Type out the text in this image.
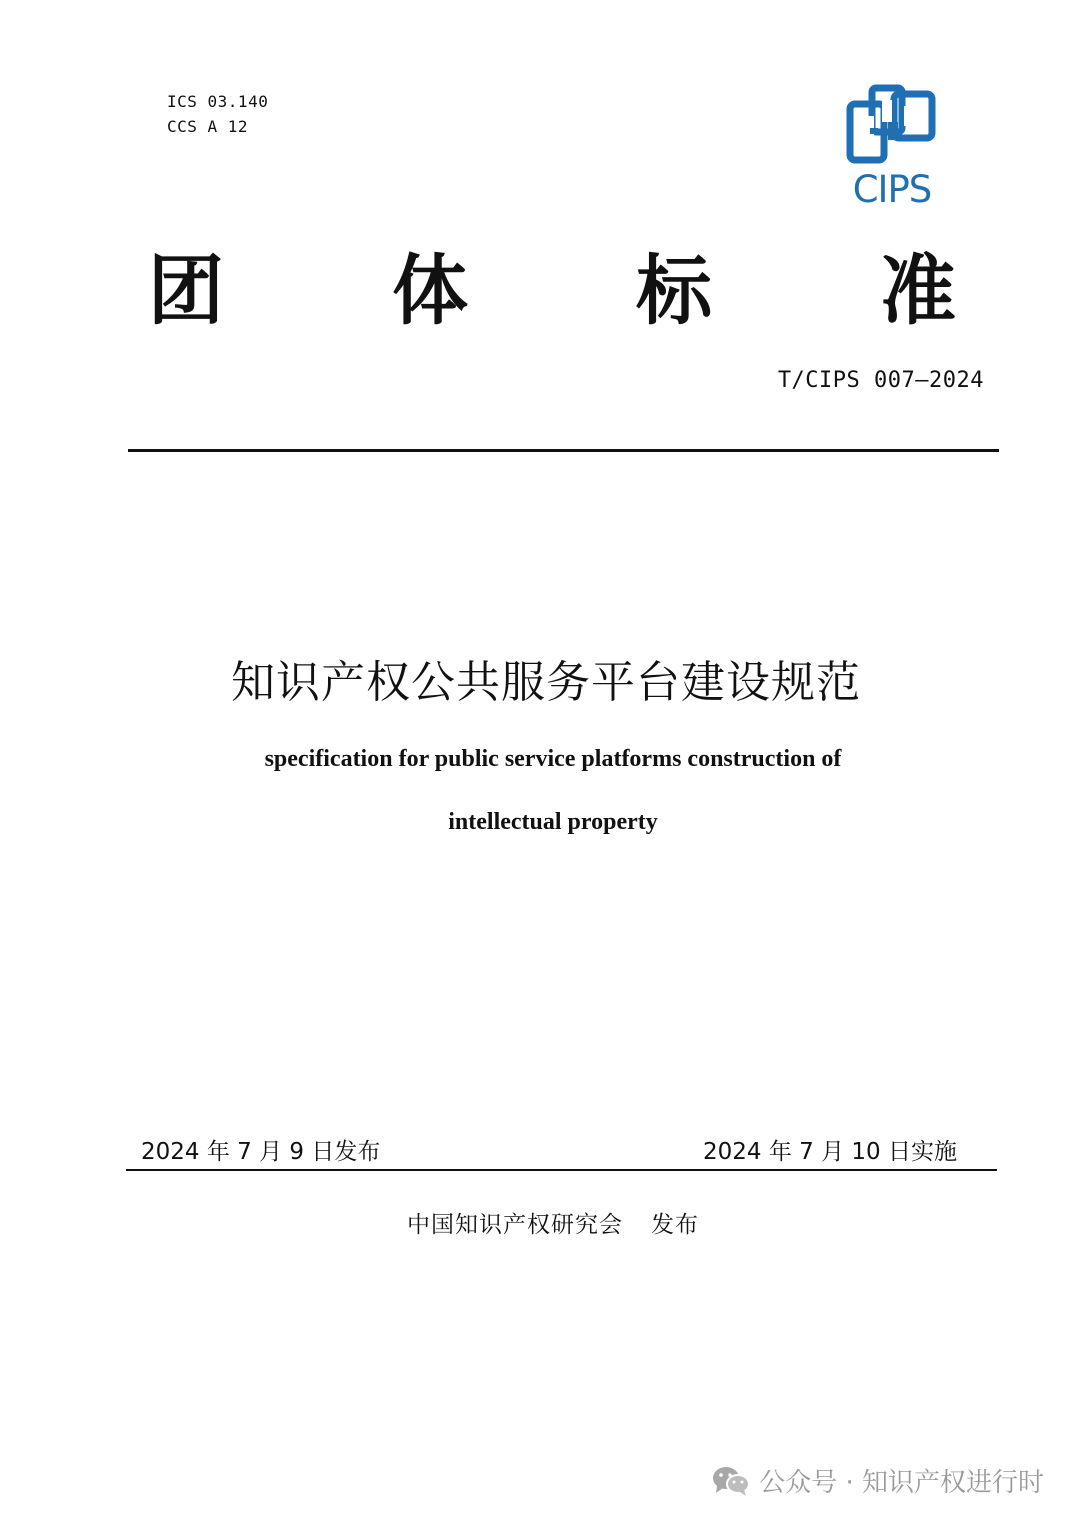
ICS 03.140
CCS A 12
CIPS
团 体 标 准
T/CIPS 007—2024
知识产权公共服务平台建设规范
specification for public service platforms construction of
intellectual property
2024 年 7 月 9 日发布	2024 年 7 月 10 日实施
中国知识产权研究会 发布
公众号 · 知识产权进行时
